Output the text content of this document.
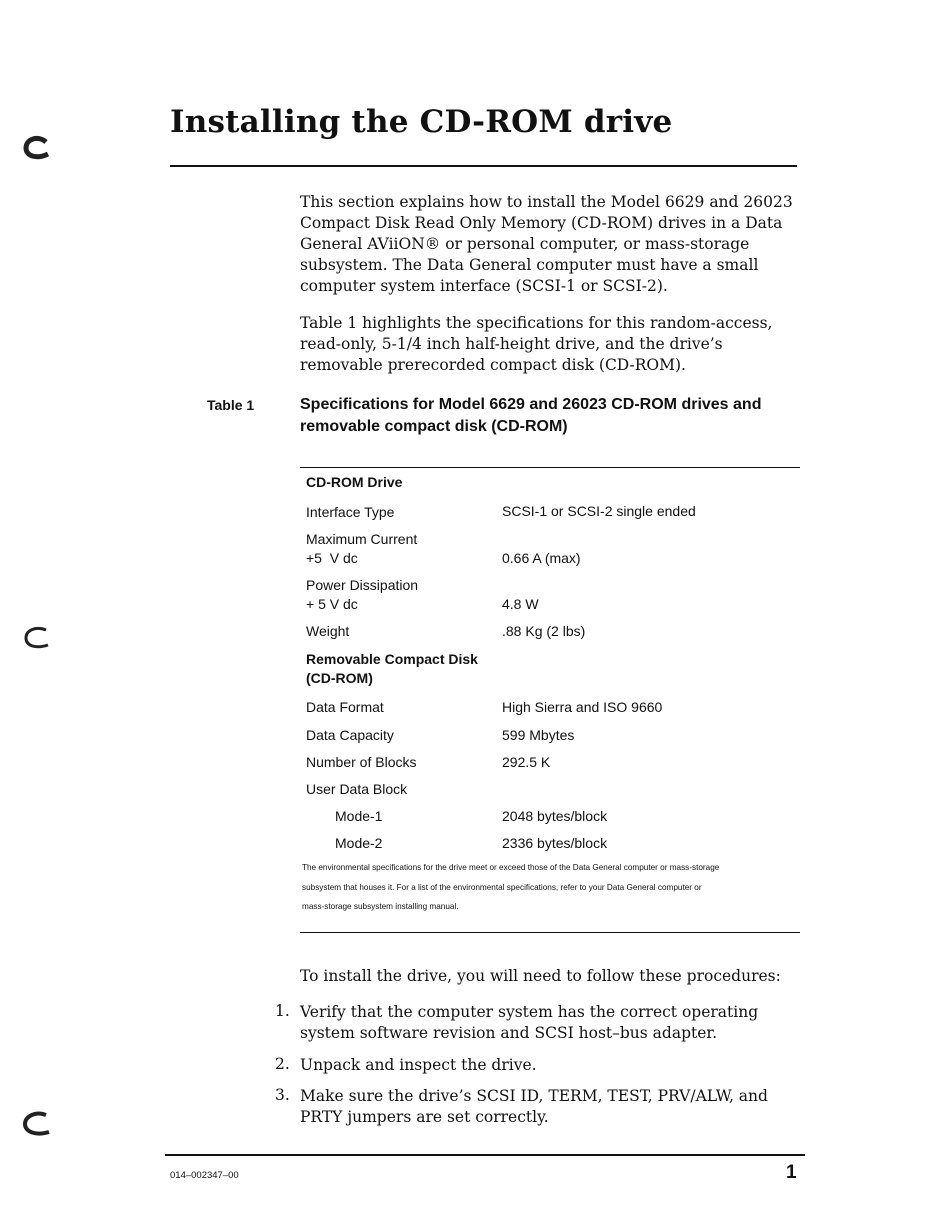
Installing the CD-ROM drive

This section explains how to install the Model 6629 and 26023 Compact Disk Read Only Memory (CD-ROM) drives in a Data General AViiON® or personal computer, or mass-storage subsystem. The Data General computer must have a small computer system interface (SCSI-1 or SCSI-2).

Table 1 highlights the specifications for this random-access, read-only, 5-1/4 inch half-height drive, and the drive’s removable prerecorded compact disk (CD-ROM).

Table 1	Specifications for Model 6629 and 26023 CD-ROM drives and removable compact disk (CD-ROM)
CD-ROM Drive
Interface Type	SCSI-1 or SCSI-2 single ended
Maximum Current
+5  V dc	0.66 A (max)
Power Dissipation
+ 5 V dc	4.8 W
Weight	.88 Kg (2 lbs)
Removable Compact Disk
(CD-ROM)
Data Format	High Sierra and ISO 9660
Data Capacity	599 Mbytes
Number of Blocks	292.5 K
User Data Block
Mode-1	2048 bytes/block
Mode-2	2336 bytes/block
The environmental specifications for the drive meet or exceed those of the Data General computer or mass-storage
subsystem that houses it. For a list of the environmental specifications, refer to your Data General computer or
mass-storage subsystem installing manual.

To install the drive, you will need to follow these procedures:

1. Verify that the computer system has the correct operating system software revision and SCSI host–bus adapter.
2. Unpack and inspect the drive.
3. Make sure the drive’s SCSI ID, TERM, TEST, PRV/ALW, and PRTY jumpers are set correctly.
014–002347–00	1
